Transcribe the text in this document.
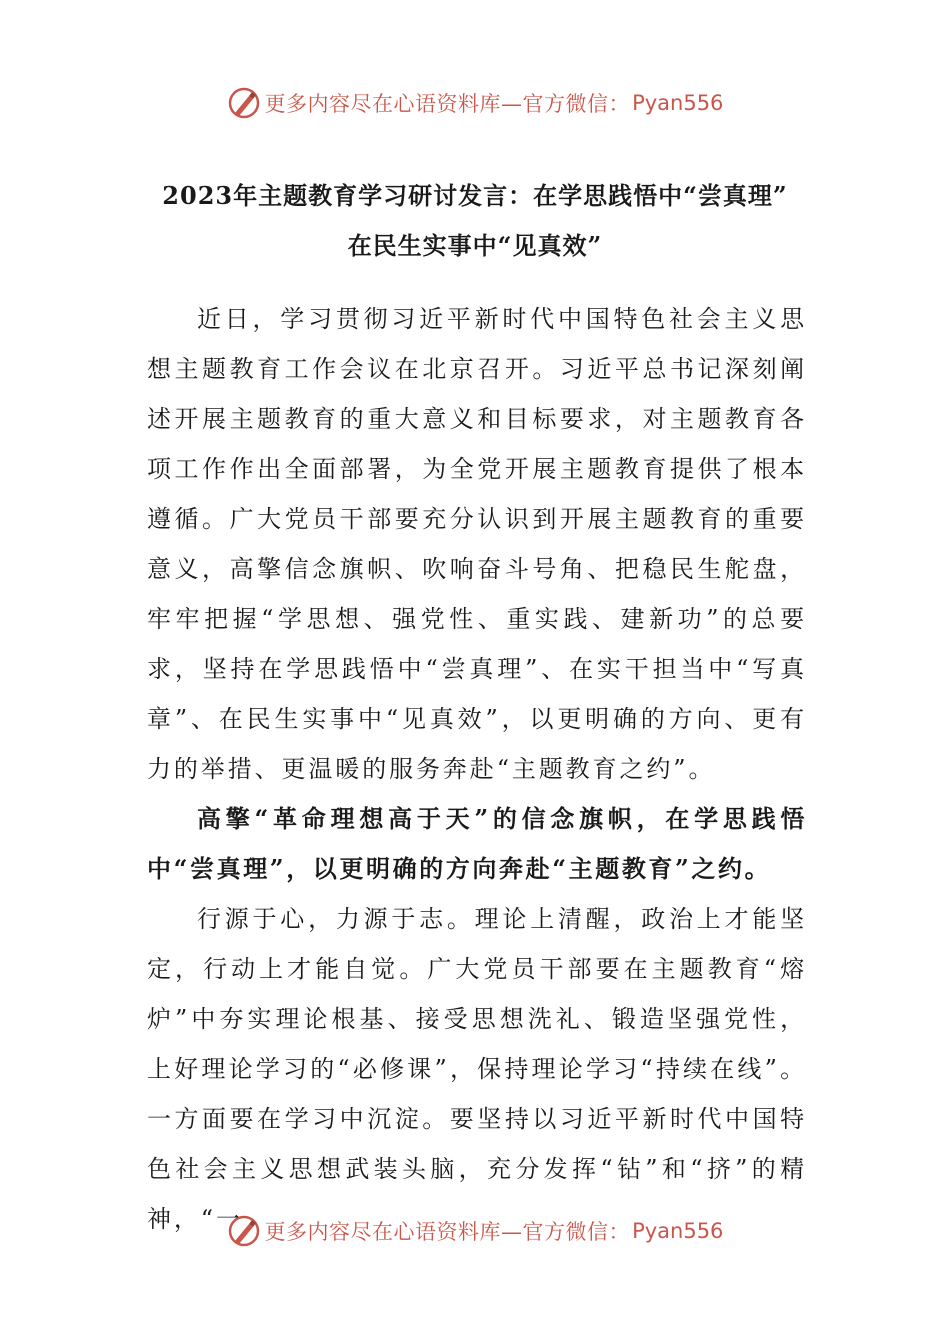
更多内容尽在心语资料库—官方微信： Pyan556
2023年主题教育学习研讨发言：在学思践悟中“尝真理”
在民生实事中“见真效”

近日，学习贯彻习近平新时代中国特色社会主义思想主题教育工作会议在北京召开。习近平总书记深刻阐述开展主题教育的重大意义和目标要求，对主题教育各项工作作出全面部署，为全党开展主题教育提供了根本遵循。广大党员干部要充分认识到开展主题教育的重要意义，高擎信念旗帜、吹响奋斗号角、把稳民生舵盘，牢牢把握“学思想、强党性、重实践、建新功”的总要求，坚持在学思践悟中“尝真理”、在实干担当中“写真章”、在民生实事中“见真效”，以更明确的方向、更有力的举措、更温暖的服务奔赴“主题教育之约”。

高擎“革命理想高于天”的信念旗帜，在学思践悟中“尝真理”，以更明确的方向奔赴“主题教育”之约。

行源于心，力源于志。理论上清醒，政治上才能坚定，行动上才能自觉。广大党员干部要在主题教育“熔炉”中夯实理论根基、接受思想洗礼、锻造坚强党性，上好理论学习的“必修课”，保持理论学习“持续在线”。一方面要在学习中沉淀。要坚持以习近平新时代中国特色社会主义思想武装头脑，充分发挥“钻”和“挤”的精神，“一	更多内容尽在心语资料库—官方微信： Pyan556
